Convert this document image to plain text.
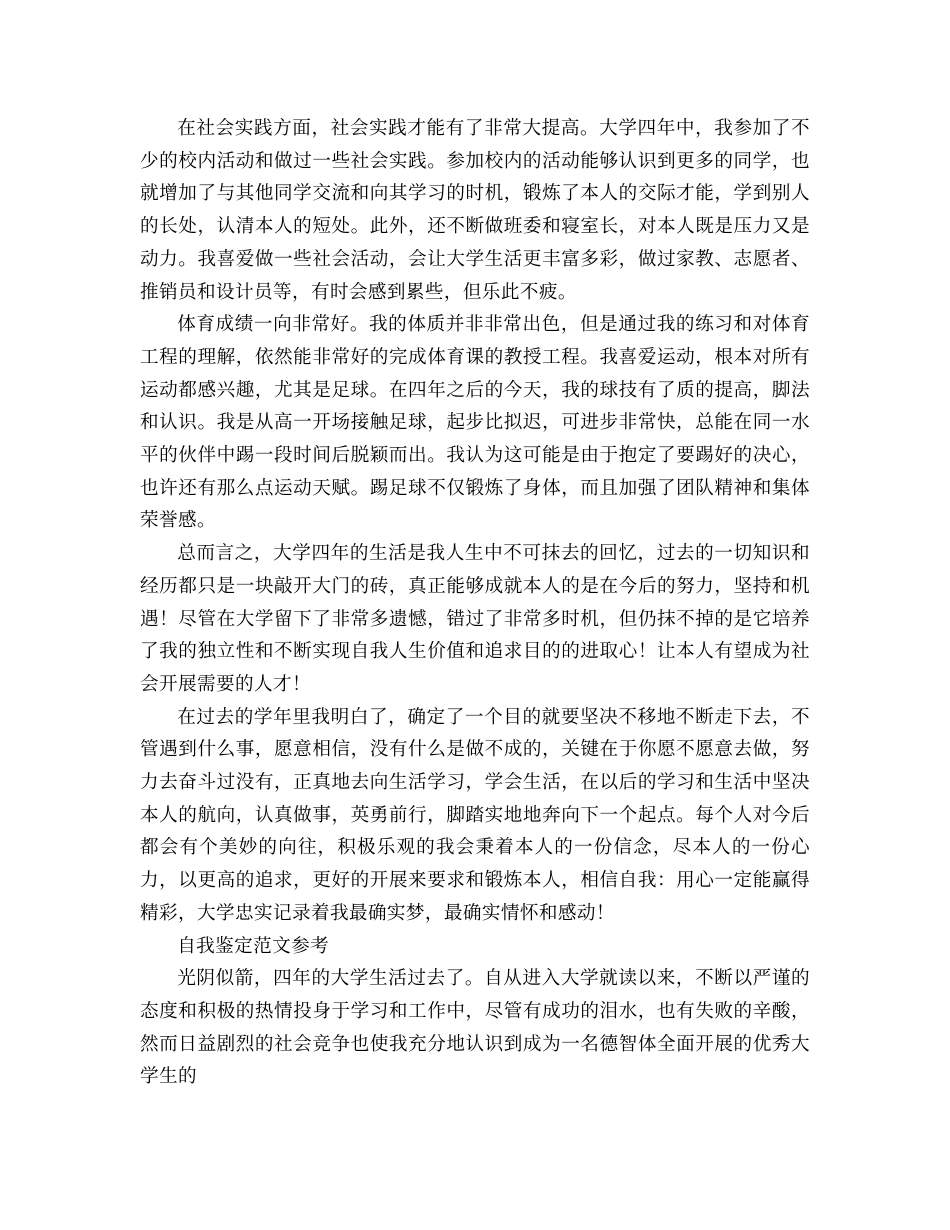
在社会实践方面，社会实践才能有了非常大提高。大学四年中，我参加了不少的校内活动和做过一些社会实践。参加校内的活动能够认识到更多的同学，也就增加了与其他同学交流和向其学习的时机，锻炼了本人的交际才能，学到别人的长处，认清本人的短处。此外，还不断做班委和寝室长，对本人既是压力又是动力。我喜爱做一些社会活动，会让大学生活更丰富多彩，做过家教、志愿者、推销员和设计员等，有时会感到累些，但乐此不疲。

体育成绩一向非常好。我的体质并非非常出色，但是通过我的练习和对体育工程的理解，依然能非常好的完成体育课的教授工程。我喜爱运动，根本对所有运动都感兴趣，尤其是足球。在四年之后的今天，我的球技有了质的提高，脚法和认识。我是从高一开场接触足球，起步比拟迟，可进步非常快，总能在同一水平的伙伴中踢一段时间后脱颖而出。我认为这可能是由于抱定了要踢好的决心，也许还有那么点运动天赋。踢足球不仅锻炼了身体，而且加强了团队精神和集体荣誉感。

总而言之，大学四年的生活是我人生中不可抹去的回忆，过去的一切知识和经历都只是一块敲开大门的砖，真正能够成就本人的是在今后的努力，坚持和机遇！尽管在大学留下了非常多遗憾，错过了非常多时机，但仍抹不掉的是它培养了我的独立性和不断实现自我人生价值和追求目的的进取心！让本人有望成为社会开展需要的人才！

在过去的学年里我明白了，确定了一个目的就要坚决不移地不断走下去，不管遇到什么事，愿意相信，没有什么是做不成的，关键在于你愿不愿意去做，努力去奋斗过没有，正真地去向生活学习，学会生活，在以后的学习和生活中坚决本人的航向，认真做事，英勇前行，脚踏实地地奔向下一个起点。每个人对今后都会有个美妙的向往，积极乐观的我会秉着本人的一份信念，尽本人的一份心力，以更高的追求，更好的开展来要求和锻炼本人，相信自我：用心一定能赢得精彩，大学忠实记录着我最确实梦，最确实情怀和感动！

自我鉴定范文参考

光阴似箭，四年的大学生活过去了。自从进入大学就读以来，不断以严谨的态度和积极的热情投身于学习和工作中，尽管有成功的泪水，也有失败的辛酸，然而日益剧烈的社会竞争也使我充分地认识到成为一名德智体全面开展的优秀大学生的
